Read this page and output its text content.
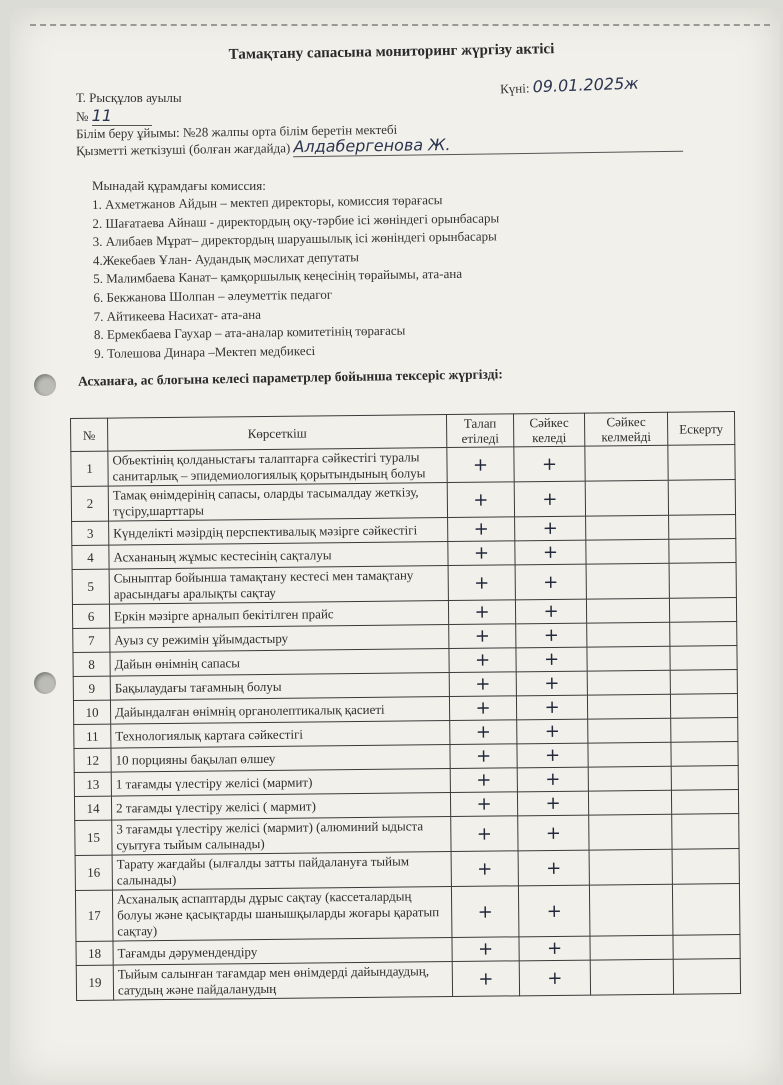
Тамақтану сапасына мониторинг жүргізу актісі
Т. Рысқұлов ауылы
Күні: 09.01.2025ж
№ 11
Білім беру ұйымы: №28 жалпы орта білім беретін мектебі
Қызметті жеткізуші (болған жағдайда) Алдабергенова Ж.
Мынадай құрамдағы комиссия:
1. Ахметжанов Айдын – мектеп директоры, комиссия төрағасы
2. Шағатаева Айнаш - директордың оқу-тәрбие ісі жөніндегі орынбасары
3. Алибаев Мұрат– директордың шаруашылық ісі жөніндегі орынбасары
4.Жекебаев Ұлан- Аудандық мәслихат депутаты
5. Малимбаева Канат– қамқоршылық кеңесінің төрайымы, ата-ана
6. Бекжанова Шолпан – әлеуметтік педагог
7. Айтикеева Насихат- ата-ана
8. Ермекбаева Гаухар – ата-аналар комитетінің төрағасы
9. Толешова Динара –Мектеп медбикесі
Асханаға, ас блогына келесі параметрлер бойынша тексеріс жүргізді:
№	Көрсеткіш	Талап етіледі	Сәйкес келеді	Сәйкес келмейді	Ескерту
1	Объектінің қолданыстағы талаптарға сәйкестігі туралы санитарлық – эпидемиологиялық қорытындының болуы	+	+		
2	Тамақ өнімдерінің сапасы, оларды тасымалдау жеткізу, түсіру,шарттары	+	+		
3	Күнделікті мәзірдің перспективалық мәзірге сәйкестігі	+	+		
4	Асхананың жұмыс кестесінің сақталуы	+	+		
5	Сыныптар бойынша тамақтану кестесі мен тамақтану арасындағы аралықты сақтау	+	+		
6	Еркін мәзірге арналып бекітілген прайс	+	+		
7	Ауыз су режимін ұйымдастыру	+	+		
8	Дайын өнімнің сапасы	+	+		
9	Бақылаудағы тағамның болуы	+	+		
10	Дайындалған өнімнің органолептикалық қасиеті	+	+		
11	Технологиялық картаға сәйкестігі	+	+		
12	10 порцияны бақылап өлшеу	+	+		
13	1 тағамды үлестіру желісі (мармит)	+	+		
14	2 тағамды үлестіру желісі ( мармит)	+	+		
15	3 тағамды үлестіру желісі (мармит) (алюминий ыдыста суытуға тыйым салынады)	+	+		
16	Тарату жағдайы (ылғалды затты пайдалануға тыйым салынады)	+	+		
17	Асханалық аспаптарды дұрыс сақтау (кассеталардың болуы және қасықтарды шанышқыларды жоғары қаратып сақтау)	+	+		
18	Тағамды дәрумендендіру	+	+		
19	Тыйым салынған тағамдар мен өнімдерді дайындаудың, сатудың және пайдаланудың	+	+		
